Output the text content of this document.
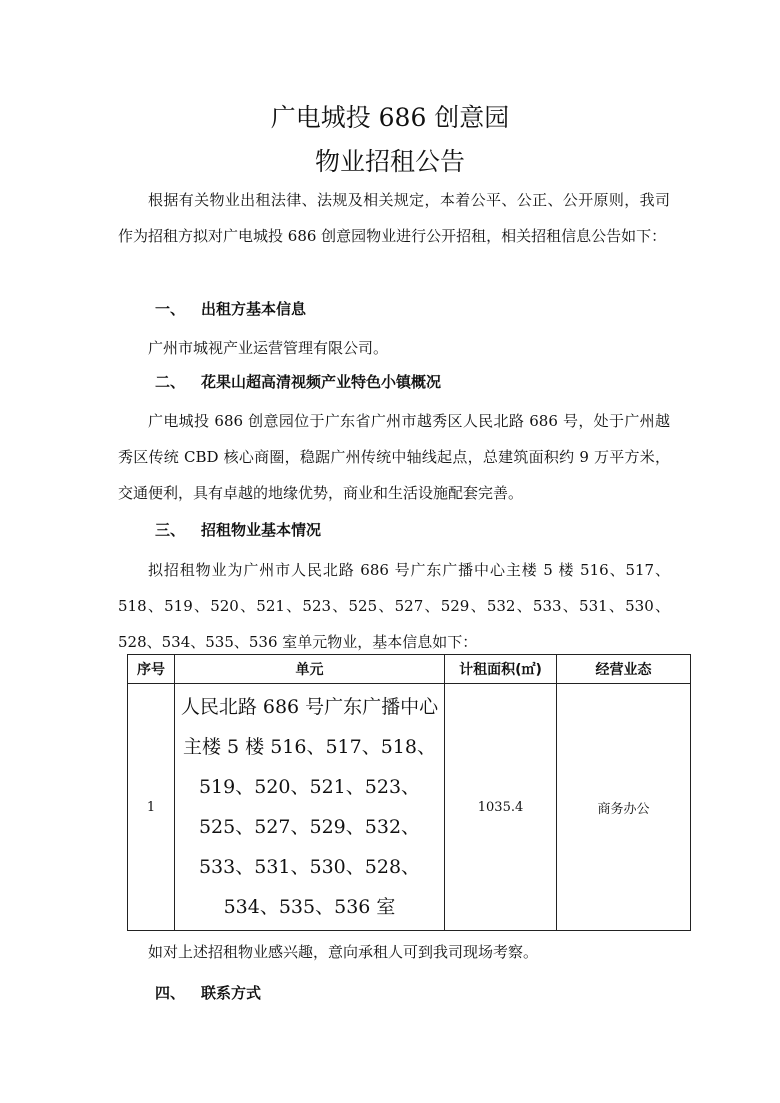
广电城投 686 创意园
物业招租公告

根据有关物业出租法律、法规及相关规定，本着公平、公正、公开原则，我司作为招租方拟对广电城投 686 创意园物业进行公开招租，相关招租信息公告如下：

一、 出租方基本信息

广州市城视产业运营管理有限公司。

二、 花果山超高清视频产业特色小镇概况

广电城投 686 创意园位于广东省广州市越秀区人民北路 686 号，处于广州越秀区传统 CBD 核心商圈，稳踞广州传统中轴线起点，总建筑面积约 9 万平方米，交通便利，具有卓越的地缘优势，商业和生活设施配套完善。

三、 招租物业基本情况

拟招租物业为广州市人民北路 686 号广东广播中心主楼 5 楼 516、517、518、519、520、521、523、525、527、529、532、533、531、530、528、534、535、536 室单元物业，基本信息如下：

序号	单元	计租面积(㎡)	经营业态
1	人民北路 686 号广东广播中心主楼 5 楼 516、517、518、519、520、521、523、525、527、529、532、533、531、530、528、534、535、536 室	1035.4	商务办公

如对上述招租物业感兴趣，意向承租人可到我司现场考察。

四、 联系方式
